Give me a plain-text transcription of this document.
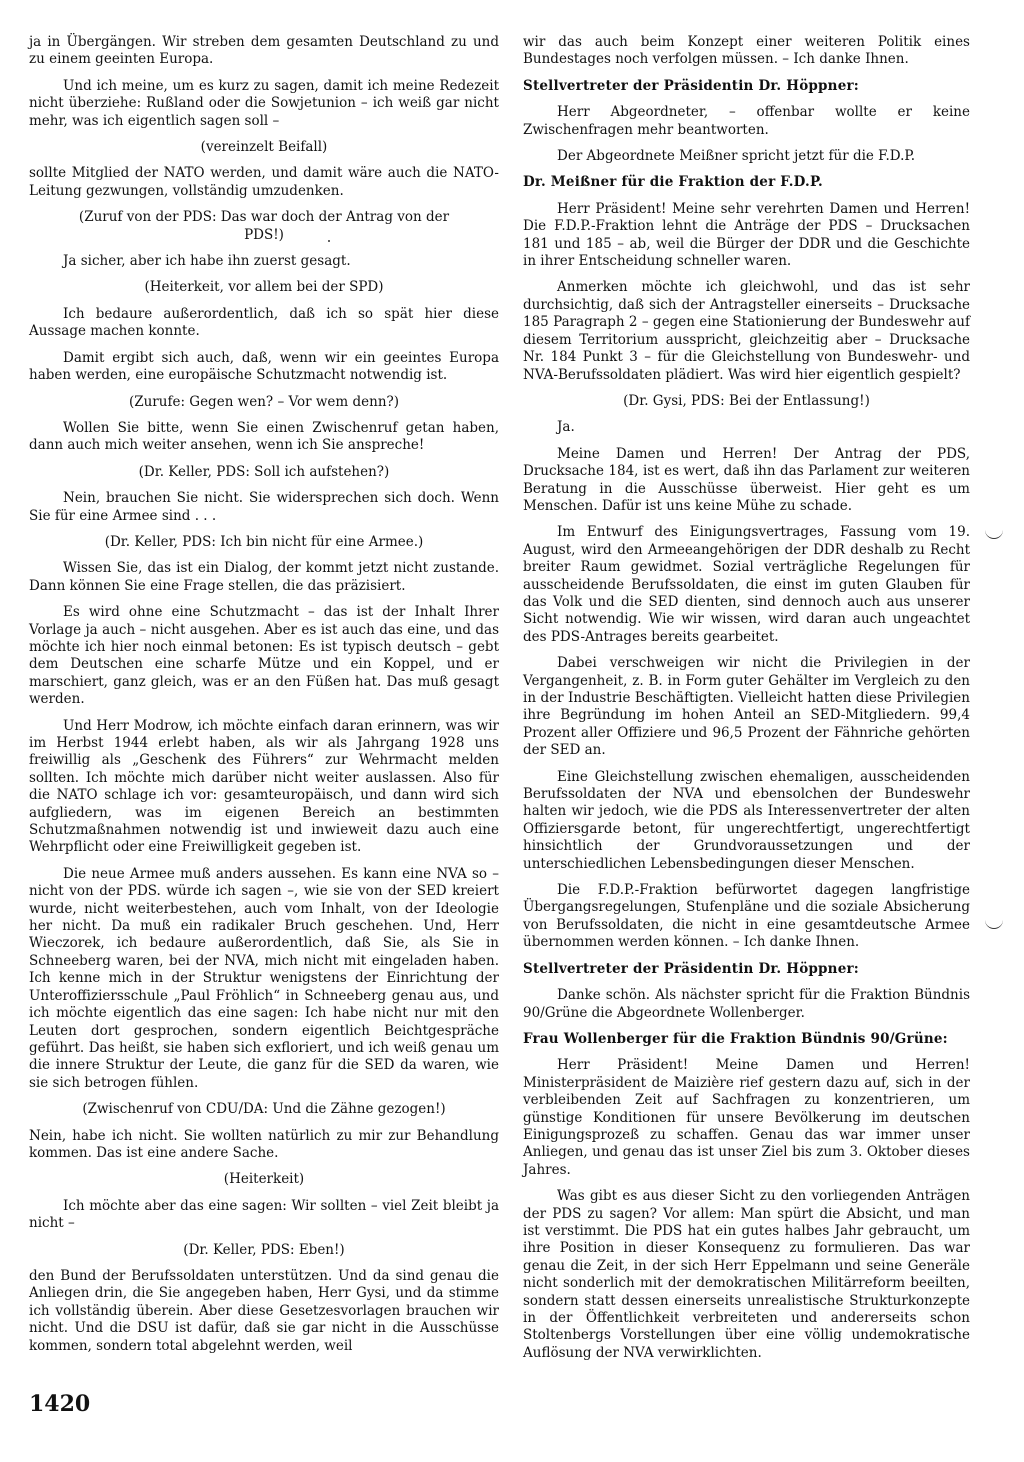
ja in Übergängen. Wir streben dem gesamten Deutschland zu und zu einem geeinten Europa.

Und ich meine, um es kurz zu sagen, damit ich meine Redezeit nicht überziehe: Rußland oder die Sowjetunion – ich weiß gar nicht mehr, was ich eigentlich sagen soll –

(vereinzelt Beifall)

sollte Mitglied der NATO werden, und damit wäre auch die NATO-Leitung gezwungen, vollständig umzudenken.

(Zuruf von der PDS: Das war doch der Antrag von der PDS!)

Ja sicher, aber ich habe ihn zuerst gesagt.

(Heiterkeit, vor allem bei der SPD)

Ich bedaure außerordentlich, daß ich so spät hier diese Aussage machen konnte.

Damit ergibt sich auch, daß, wenn wir ein geeintes Europa haben werden, eine europäische Schutzmacht notwendig ist.

(Zurufe: Gegen wen? – Vor wem denn?)

Wollen Sie bitte, wenn Sie einen Zwischenruf getan haben, dann auch mich weiter ansehen, wenn ich Sie anspreche!

(Dr. Keller, PDS: Soll ich aufstehen?)

Nein, brauchen Sie nicht. Sie widersprechen sich doch. Wenn Sie für eine Armee sind . . .

(Dr. Keller, PDS: Ich bin nicht für eine Armee.)

Wissen Sie, das ist ein Dialog, der kommt jetzt nicht zustande. Dann können Sie eine Frage stellen, die das präzisiert.

Es wird ohne eine Schutzmacht – das ist der Inhalt Ihrer Vorlage ja auch – nicht ausgehen. Aber es ist auch das eine, und das möchte ich hier noch einmal betonen: Es ist typisch deutsch – gebt dem Deutschen eine scharfe Mütze und ein Koppel, und er marschiert, ganz gleich, was er an den Füßen hat. Das muß gesagt werden.

Und Herr Modrow, ich möchte einfach daran erinnern, was wir im Herbst 1944 erlebt haben, als wir als Jahrgang 1928 uns freiwillig als „Geschenk des Führers“ zur Wehrmacht melden sollten. Ich möchte mich darüber nicht weiter auslassen. Also für die NATO schlage ich vor: gesamteuropäisch, und dann wird sich aufgliedern, was im eigenen Bereich an bestimmten Schutzmaßnahmen notwendig ist und inwieweit dazu auch eine Wehrpflicht oder eine Freiwilligkeit gegeben ist.

Die neue Armee muß anders aussehen. Es kann eine NVA so – nicht von der PDS. würde ich sagen –, wie sie von der SED kreiert wurde, nicht weiterbestehen, auch vom Inhalt, von der Ideologie her nicht. Da muß ein radikaler Bruch geschehen. Und, Herr Wieczorek, ich bedaure außerordentlich, daß Sie, als Sie in Schneeberg waren, bei der NVA, mich nicht mit eingeladen haben. Ich kenne mich in der Struktur wenigstens der Einrichtung der Unteroffiziersschule „Paul Fröhlich“ in Schneeberg genau aus, und ich möchte eigentlich das eine sagen: Ich habe nicht nur mit den Leuten dort gesprochen, sondern eigentlich Beichtgespräche geführt. Das heißt, sie haben sich exfloriert, und ich weiß genau um die innere Struktur der Leute, die ganz für die SED da waren, wie sie sich betrogen fühlen.

(Zwischenruf von CDU/DA: Und die Zähne gezogen!)

Nein, habe ich nicht. Sie wollten natürlich zu mir zur Behandlung kommen. Das ist eine andere Sache.

(Heiterkeit)

Ich möchte aber das eine sagen: Wir sollten – viel Zeit bleibt ja nicht –

(Dr. Keller, PDS: Eben!)

den Bund der Berufssoldaten unterstützen. Und da sind genau die Anliegen drin, die Sie angegeben haben, Herr Gysi, und da stimme ich vollständig überein. Aber diese Gesetzesvorlagen brauchen wir nicht. Und die DSU ist dafür, daß sie gar nicht in die Ausschüsse kommen, sondern total abgelehnt werden, weil

wir das auch beim Konzept einer weiteren Politik eines Bundestages noch verfolgen müssen. – Ich danke Ihnen.

Stellvertreter der Präsidentin Dr. Höppner:

Herr Abgeordneter, – offenbar wollte er keine Zwischenfragen mehr beantworten.

Der Abgeordnete Meißner spricht jetzt für die F.D.P.

Dr. Meißner für die Fraktion der F.D.P.

Herr Präsident! Meine sehr verehrten Damen und Herren! Die F.D.P.-Fraktion lehnt die Anträge der PDS – Drucksachen 181 und 185 – ab, weil die Bürger der DDR und die Geschichte in ihrer Entscheidung schneller waren.

Anmerken möchte ich gleichwohl, und das ist sehr durchsichtig, daß sich der Antragsteller einerseits – Drucksache 185 Paragraph 2 – gegen eine Stationierung der Bundeswehr auf diesem Territorium ausspricht, gleichzeitig aber – Drucksache Nr. 184 Punkt 3 – für die Gleichstellung von Bundeswehr- und NVA-Berufssoldaten plädiert. Was wird hier eigentlich gespielt?

(Dr. Gysi, PDS: Bei der Entlassung!)

Ja.

Meine Damen und Herren! Der Antrag der PDS, Drucksache 184, ist es wert, daß ihn das Parlament zur weiteren Beratung in die Ausschüsse überweist. Hier geht es um Menschen. Dafür ist uns keine Mühe zu schade.

Im Entwurf des Einigungsvertrages, Fassung vom 19. August, wird den Armeeangehörigen der DDR deshalb zu Recht breiter Raum gewidmet. Sozial verträgliche Regelungen für ausscheidende Berufssoldaten, die einst im guten Glauben für das Volk und die SED dienten, sind dennoch auch aus unserer Sicht notwendig. Wie wir wissen, wird daran auch ungeachtet des PDS-Antrages bereits gearbeitet.

Dabei verschweigen wir nicht die Privilegien in der Vergangenheit, z. B. in Form guter Gehälter im Vergleich zu den in der Industrie Beschäftigten. Vielleicht hatten diese Privilegien ihre Begründung im hohen Anteil an SED-Mitgliedern. 99,4 Prozent aller Offiziere und 96,5 Prozent der Fähnriche gehörten der SED an.

Eine Gleichstellung zwischen ehemaligen, ausscheidenden Berufssoldaten der NVA und ebensolchen der Bundeswehr halten wir jedoch, wie die PDS als Interessenvertreter der alten Offiziersgarde betont, für ungerechtfertigt, ungerechtfertigt hinsichtlich der Grundvoraussetzungen und der unterschiedlichen Lebensbedingungen dieser Menschen.

Die F.D.P.-Fraktion befürwortet dagegen langfristige Übergangsregelungen, Stufenpläne und die soziale Absicherung von Berufssoldaten, die nicht in eine gesamtdeutsche Armee übernommen werden können. – Ich danke Ihnen.

Stellvertreter der Präsidentin Dr. Höppner:

Danke schön. Als nächster spricht für die Fraktion Bündnis 90/Grüne die Abgeordnete Wollenberger.

Frau Wollenberger für die Fraktion Bündnis 90/Grüne:

Herr Präsident! Meine Damen und Herren! Ministerpräsident de Maizière rief gestern dazu auf, sich in der verbleibenden Zeit auf Sachfragen zu konzentrieren, um günstige Konditionen für unsere Bevölkerung im deutschen Einigungsprozeß zu schaffen. Genau das war immer unser Anliegen, und genau das ist unser Ziel bis zum 3. Oktober dieses Jahres.

Was gibt es aus dieser Sicht zu den vorliegenden Anträgen der PDS zu sagen? Vor allem: Man spürt die Absicht, und man ist verstimmt. Die PDS hat ein gutes halbes Jahr gebraucht, um ihre Position in dieser Konsequenz zu formulieren. Das war genau die Zeit, in der sich Herr Eppelmann und seine Generäle nicht sonderlich mit der demokratischen Militärreform beeilten, sondern statt dessen einerseits unrealistische Strukturkonzepte in der Öffentlichkeit verbreiteten und andererseits schon Stoltenbergs Vorstellungen über eine völlig undemokratische Auflösung der NVA verwirklichten.

1420
